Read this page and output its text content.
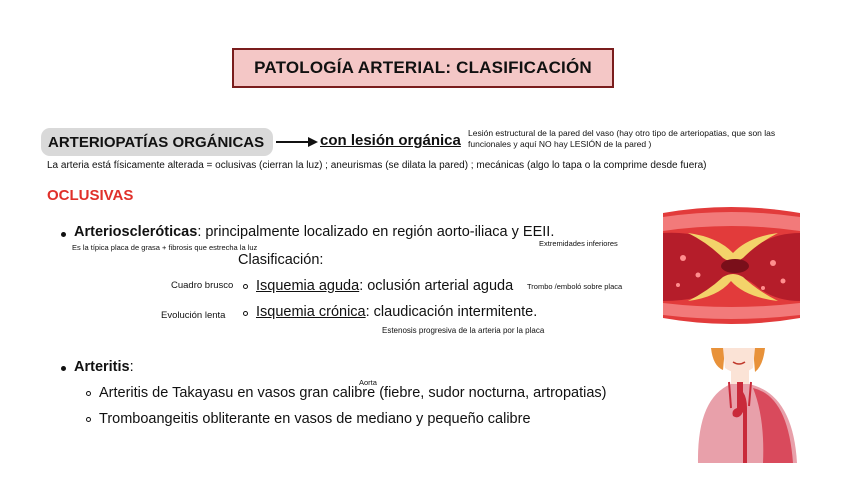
PATOLOGÍA ARTERIAL: CLASIFICACIÓN
ARTERIOPATÍAS ORGÁNICAS	con lesión orgánica Lesión estructural de la pared del vaso (hay otro tipo de arteriopatias, que son las funcionales y aquí NO hay LESIÓN de la pared )
La arteria está físicamente alterada = oclusivas (cierran la luz) ; aneurismas (se dilata la pared) ; mecánicas (algo lo tapa o la comprime desde fuera)
OCLUSIVAS
Arterioscleróticas: principalmente localizado en región aorto-iliaca y EEII.
Es la típica placa de grasa + fibrosis que estrecha la luz	Extremidades inferiores
Clasificación:
Cuadro brusco Isquemia aguda: oclusión arterial aguda Trombo /emboló sobre placa
Evolución lenta Isquemia crónica: claudicación intermitente.
Estenosis progresiva de la arteria por la placa
Arteritis:
Aorta
Arteritis de Takayasu en vasos gran calibre (fiebre, sudor nocturna, artropatias)
Tromboangeitis obliterante en vasos de mediano y pequeño calibre
